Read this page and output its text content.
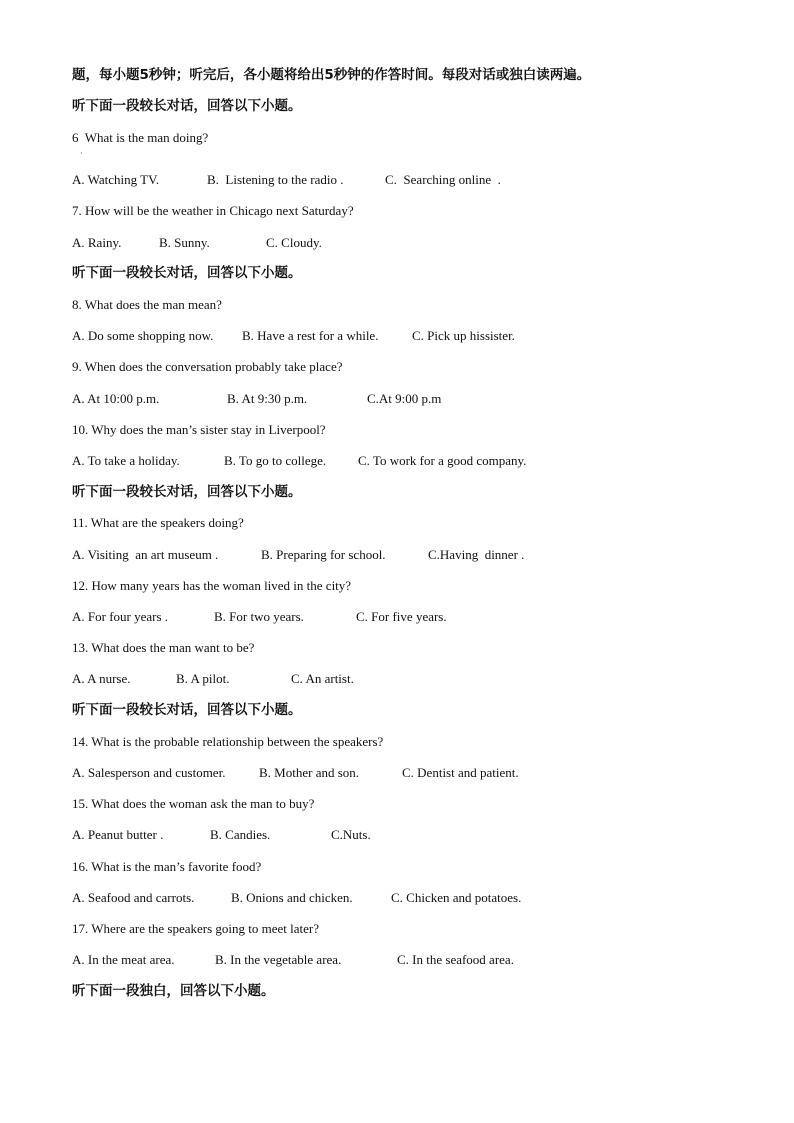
题，每小题5秒钟；听完后，各小题将给出5秒钟的作答时间。每段对话或独白读两遍。
听下面一段较长对话，回答以下小题。
6  What is the man doing?
·
A. Watching TV.	B.  Listening to the radio .	C.  Searching online  .
7. How will be the weather in Chicago next Saturday?
A. Rainy.	B. Sunny.	C. Cloudy.
听下面一段较长对话，回答以下小题。
8. What does the man mean?
A. Do some shopping now. B. Have a rest for a while.	C. Pick up hissister.
9. When does the conversation probably take place?
A. At 10:00 p.m.	B. At 9:30 p.m.	C.At 9:00 p.m
10. Why does the man’s sister stay in Liverpool?
A. To take a holiday.	B. To go to college. C. To work for a good company.
听下面一段较长对话，回答以下小题。
11. What are the speakers doing?
A. Visiting  an art museum .	B. Preparing for school.	C.Having  dinner .
12. How many years has the woman lived in the city?
A. For four years .	B. For two years.	C. For five years.
13. What does the man want to be?
A. A nurse.	B. A pilot.	C. An artist.
听下面一段较长对话，回答以下小题。
14. What is the probable relationship between the speakers?
A. Salesperson and customer.	B. Mother and son.	C. Dentist and patient.
15. What does the woman ask the man to buy?
A. Peanut butter .	B. Candies.	C.Nuts.
16. What is the man’s favorite food?
A. Seafood and carrots.	B. Onions and chicken.	C. Chicken and potatoes.
17. Where are the speakers going to meet later?
A. In the meat area.	B. In the vegetable area.	C. In the seafood area.
听下面一段独白，回答以下小题。
